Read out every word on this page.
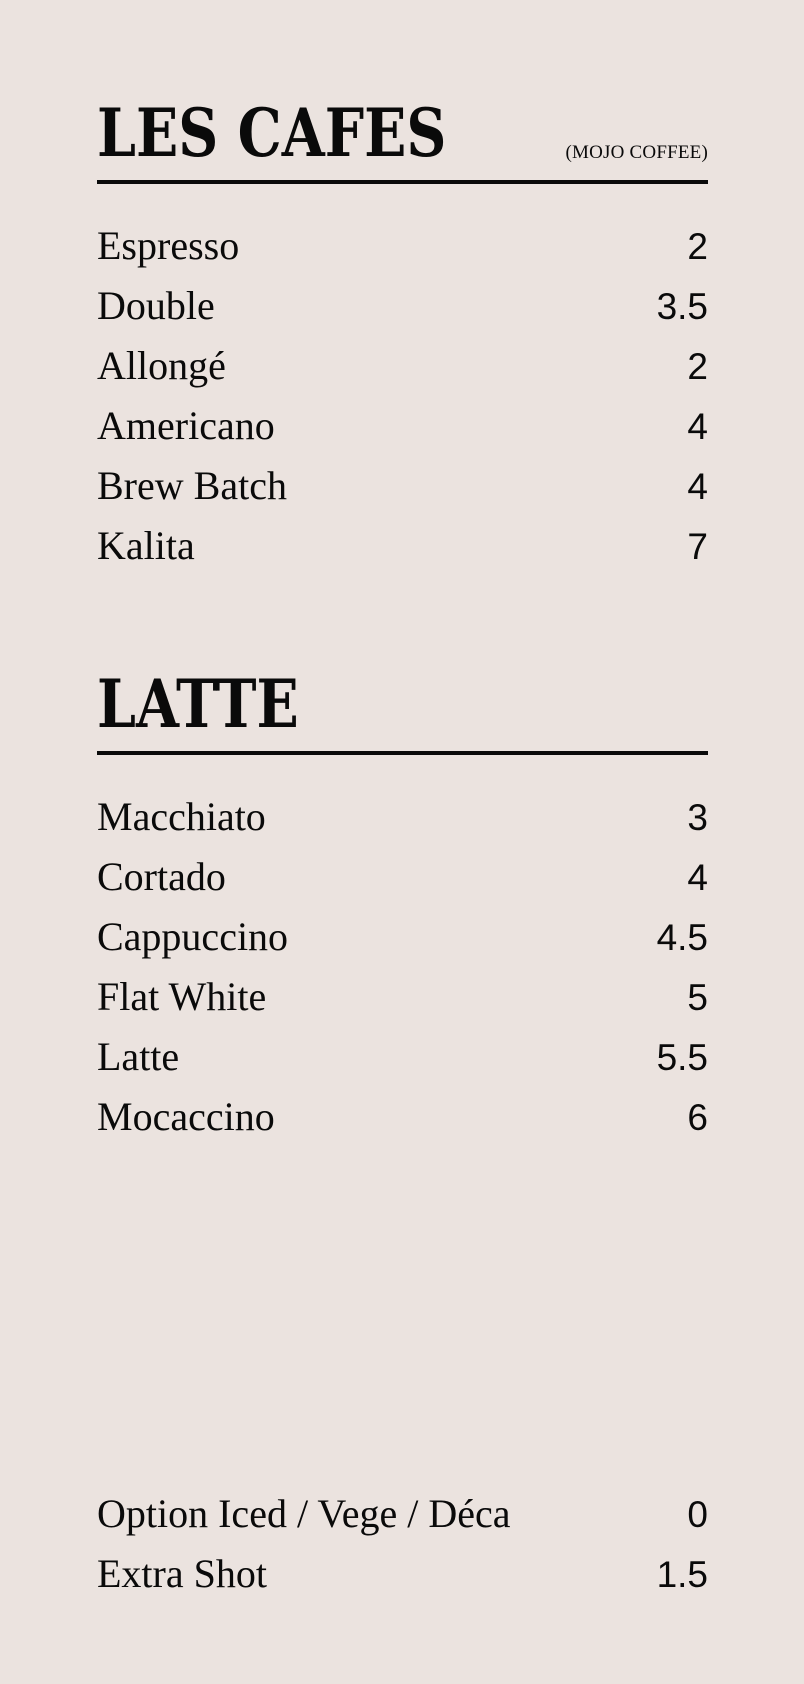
LES CAFES	(MOJO COFFEE)
Espresso	2
Double	3.5
Allongé	2
Americano	4
Brew Batch	4
Kalita	7
LATTE
Macchiato	3
Cortado	4
Cappuccino	4.5
Flat White	5
Latte	5.5
Mocaccino	6
Option Iced / Vege / Déca	0
Extra Shot	1.5
